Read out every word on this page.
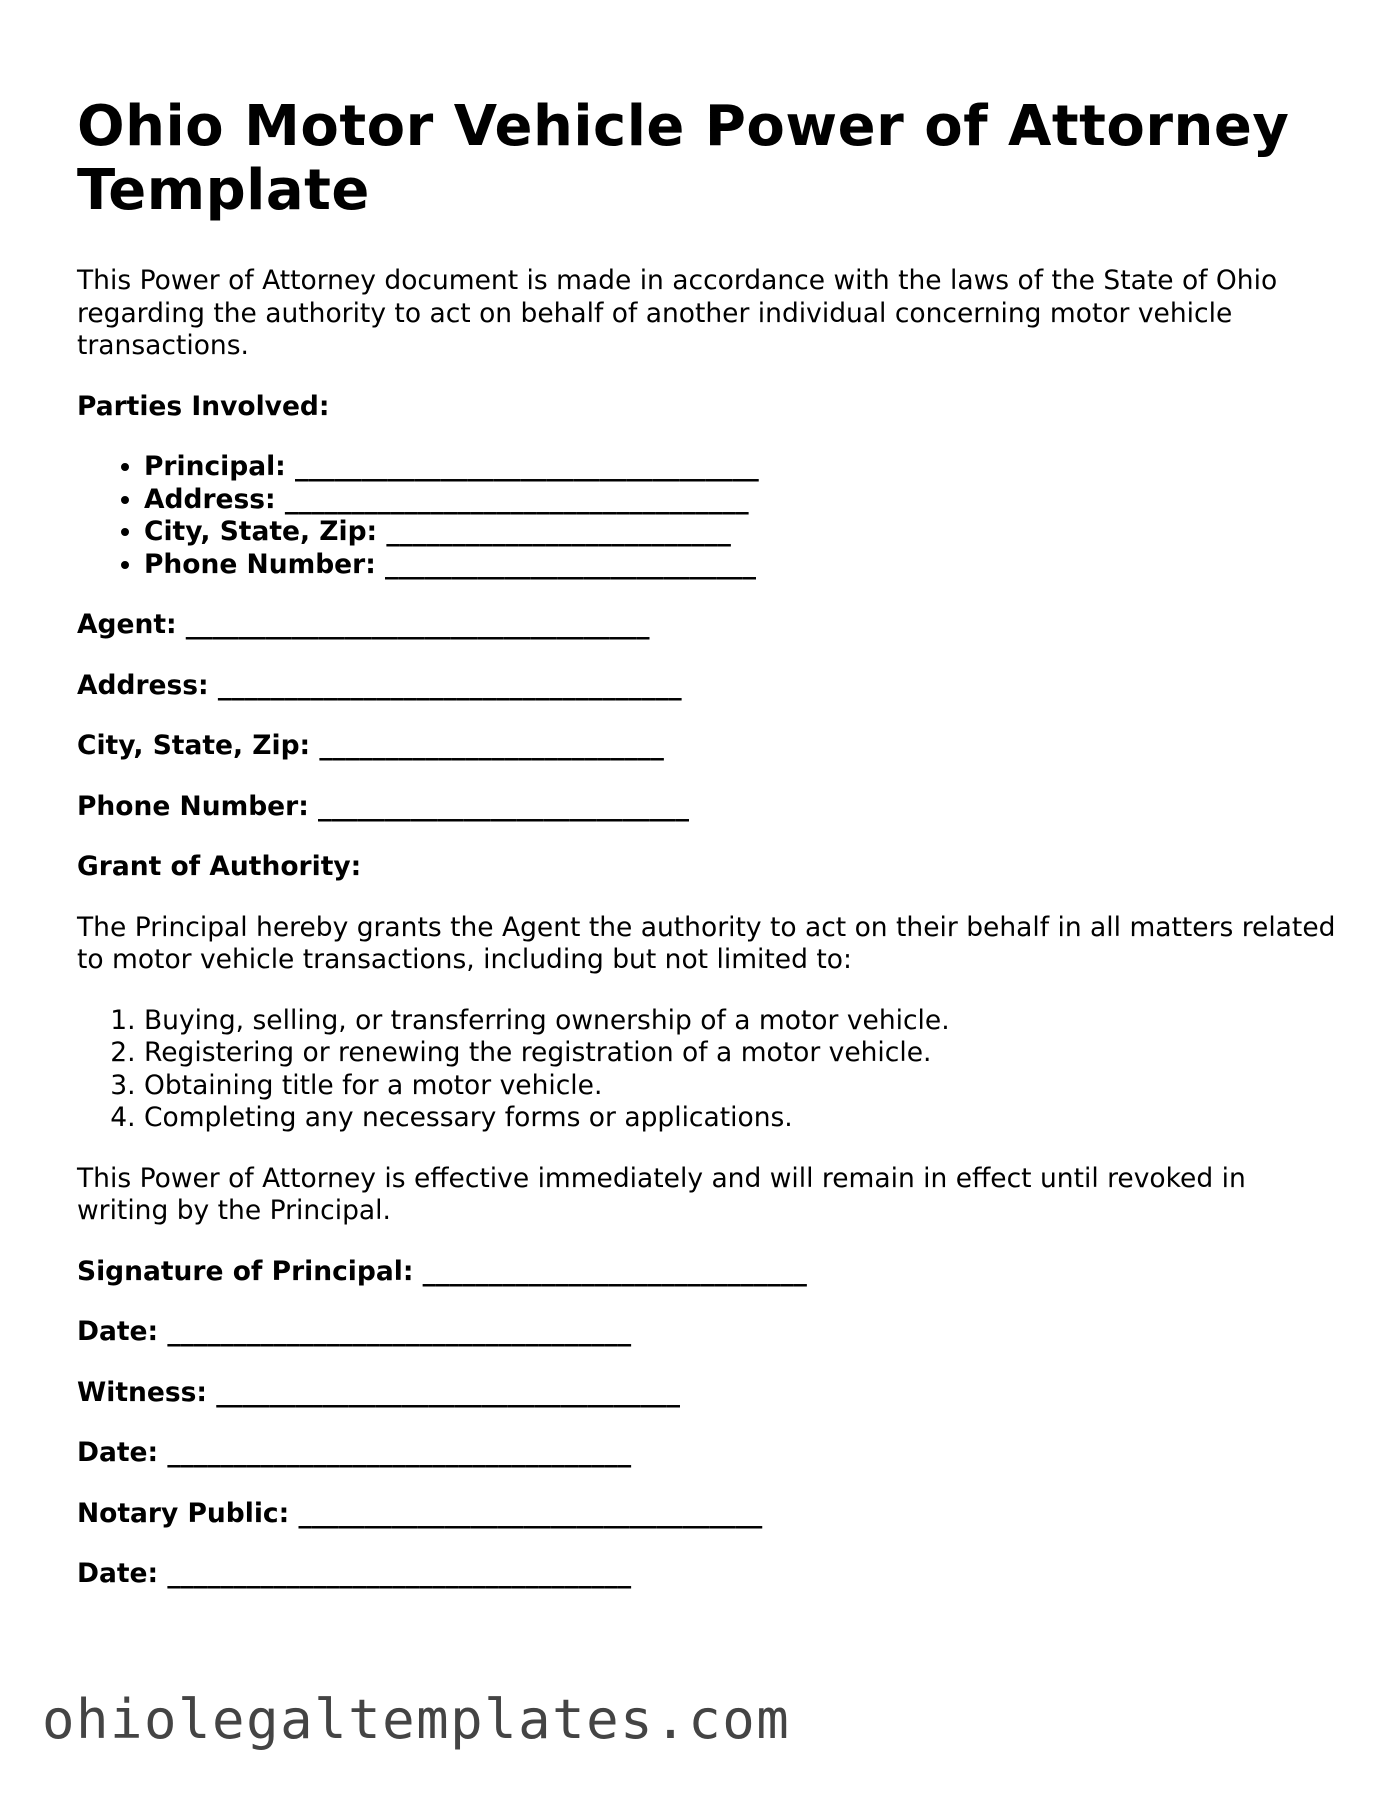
Ohio Motor Vehicle Power of Attorney Template

This Power of Attorney document is made in accordance with the laws of the State of Ohio regarding the authority to act on behalf of another individual concerning motor vehicle transactions.

Parties Involved:

• Principal: ___________________________________
• Address: ___________________________________
• City, State, Zip: __________________________
• Phone Number: ____________________________

Agent: ___________________________________

Address: ___________________________________

City, State, Zip: __________________________

Phone Number: ____________________________

Grant of Authority:

The Principal hereby grants the Agent the authority to act on their behalf in all matters related to motor vehicle transactions, including but not limited to:

1. Buying, selling, or transferring ownership of a motor vehicle.
2. Registering or renewing the registration of a motor vehicle.
3. Obtaining title for a motor vehicle.
4. Completing any necessary forms or applications.

This Power of Attorney is effective immediately and will remain in effect until revoked in writing by the Principal.

Signature of Principal: _____________________________

Date: ___________________________________

Witness: ___________________________________

Date: ___________________________________

Notary Public: ___________________________________

Date: ___________________________________

ohiolegaltemplates.com
